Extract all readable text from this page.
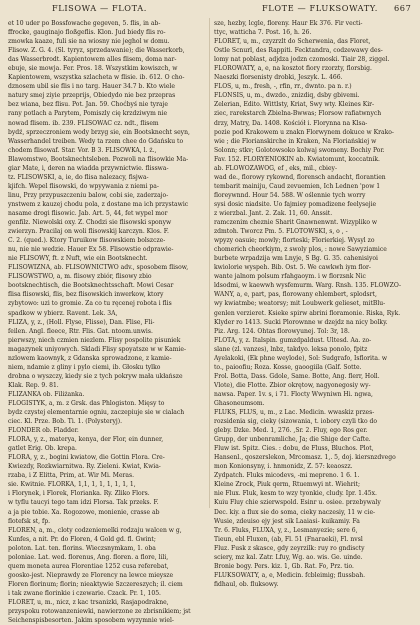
FLISOWA — FLOTA.	FLOTE — FLUKSOWATY. 667

et 10 uder po Bossfowache gegeven, 5. flis, in ab-

ffrocke, gauginajo floßgeflis. Klon. Jud biedy flis ro-

zmowka kaaze, fuli sie na wiosny nie jeghol w domu.

Flisow. Z. G. 4. (Sl. tyryz, sprzedawanie); die Wasserkorb,

das Wasserbrodt. Kapientowem alles flisem, doma nar-

ebuje, sie mowja. Fer. Pros. 18. Wszystkim kowiszch, w

Kapientowem, wszystka szlacheta w flisie. ib. 612. O cho-

dznosem ubil sie flis i no targ. Hauer 34.7 b. Kto wiele

natury smej ziyie przeprijs, Obiedydo nie bez przepras

bez wiana, bez flisu. Pot. Jan. 59. Choćbyś nie tyraje

rany potlach a Parytem, Pomiszly cię krzdziwym nie

nowad flisem. ib. 239. FLISOWAC cz. ndt., flisem

bydź, sprzeczroniem wody brzyg sie, ein Bootsknecht seyn,

Wasserhandel treiben. Wedy ta rzem chee do Gdańsku to

chodem flisowaf. Star. Vor. B 3. FLISOWKA, l. ż.,

Blawomstwo, Bootsknechtsleben. Pozwoli na flisowkie Ma-

giar Mate, i, deren na wiadda przywnictwie. flisswa-

tz. FLISOWSKI, a, ie, do flisa nalezacy, fisjwa-

kjifch. Wepel flisowski, do wpyywania z niemi pa-

linu, Przy przypuszczeniu balow, cobi sie, zaderzajo-

ynstwem z kauzej chodu pola, z dostane ma ich przystawic

nasame drogi flisowic. Jab. Art. 5, 44, fet wypel mor

genfilz. Niewolski oxy. Z. Chodzi sie flisowski sponyw

zwierzyn. Pracilaj on woli flisowskij karczyn. Klos. F.

C. 2. (qued.). Ktory Turuikow flisowskiem bolszcze-

nu, nie nie wedzie. Hauer Ex 58. Flisowstie odprawie-

nie FLISOWY, ft. z Nuft, wie ein Bootsknecht.

FLISOWIZNA, ab. FLISOWNICTWO adv., sposobem flisow,

FLISOWSTWO, a, m. flisowy zbiór, flisowy zbio

bootsknechtisch, die Bootsknechtsschaft. Mowi Cesar

flisa flisowski, flis, bez flisowskich inwerkow, ktory

zybytowo: uzi to gromie. Za co tu ręcenej robota i flis

spadkow w ybierz. Ravent. Lek. 3A,

FLIZA, y, z., (Holl. Flyse, Flisse), Dan. Flise, Fli-

feilen. Angl. fleece, Rtr. Flis. Gat. ntoom.unwis.

pierwszy, niech czmien niezlem. Flisy pospolite pisuniek

magazynek uniyowych. Skladi Flisy spoyatsze w w Kamie-

nzlowem kaownyk, z Gdanska sprowadzone, z kamie-

niem, ndamie z gliny i pylo ciemi, ib. Głosku tylko

drobna o wyszczy, kiedy sie z tych pokryw mała ukłańsze

Klak. Rep. 9. 81.

FLIZANKA ob. Filiżanka.

FLOGISTYK, a, m. z Grsk. das Phlogiston. Mięsy to

bydz czystej elementarnie ogniu, zaczepiuje sie w cialach

ciec. Kl. Prze. Bob. Ti. 1. (Polysteryj).

FLONDER ob. Fladder.

FLORA, y, z., materya, kenya, der Flor, ein dunner,

gatlet Erig. Ob. krepa.

FLORA, y, z., bogini kwiatow, die Gottin Flora. Cre-

Kwiezdy, Rozkwiarnitwa. Ry. Zieleni. Kwiat, Kwia-

rzaba, i Z Elitta, Prim, at. Wir Mi. Meras.

sie. Kwitnie. FLORKA, 1,1, 1, 1, 1, 1, 1, 1,

i Florynek, i Florek, Florianka. Ry. Zliko Flors.

w tyflu taucyi tego tam idzi Florsa. Tak przeks. F.

a ja pie tobie. Xa. Rogozowe, monienie, crasse ab

flotefsk st, fp.

FLOREN, a, m., cloty codzeniemelki rodzaju walcen w g,

Kunfes, a nit. Pr. do Floren, 4 Gold gd. fl. Gwint;

poloton. Lat. ten. florins. Wieczsnymkam, 1. oba

poloniae. Lat. wed. florenus, Ang. floren. a flore, lili,

quem moneta aurea Florentiae 1252 cusa referebat,

goosko-jest. Nieprawdy ze Florency na lewce mieysze

Floren florinum; florin; nieaktywie Szczereszych; il. ciem

i tak zwane florinkie i czewarie. Czack. Pr. 1, 105.

FLORET, u, m., nicz, z kac trsanizki, Rasjapodrakne,

przyspoku rotowanzeniewki, nawierzone ze zbrisnikiem; jst

Seichenspisbesorten. Jakim sposobem wyzymnie wiel-

sze, hezby, lcgle, floreny. Haur Ek 376. Fir vecti-

ttyc, watticha 7. Post. 16, h. 26.

FLORET, u, m., czyzrzlt do Scherwenia, das Floret,

Ostle Scnurl, des Rappiti. Fecktandra, codzewawy des-

lomy nat poblast, adjdza jodzn czomoski. Tiair 28, ziggel.

FLOROWATY, a, e, na kosztot fiory rzorzty, florsbig.

Naeszki florsenisty drobki, Jeszyk. L. 466.

FLOS, u, m., fresh, -, rfin, rr., dwnto. pa n. r.)

FLONSIS, u, m., dwzdo., znizdiq, dsby gbivemi.

Zelerian, Edito. Wittlsty, Kriat, Swy wty. Kleines Kir-

ziec, rarekstarch Zbielna-Bwwas; Florsow rafiatwnych

drzy, Matry, Da. 1408. Kościół i. Florynna na Klsa-

pozie pod Krakowem u znakn Florwynem dokuce w Krako-

wie ; die Florianskirche in Kraken, Na Floriańskiej w

Solonn; stkv; Golotowsoko kolwaj swomeny. Bochiy Por.

Fav. 152. FLORYENIOKIN ab. Kwiatomunt, koccatnik.

ab. FLOWOZAWOG, ef , eks, mil., cbiey-

wad de., florowy rykownd, florensch andacht, florantien

tembarit mainiju, Caud zevuemien, Ich Lednen 'pow 1

floreywnnd. Hour 54. 588. W oślennie tych worry

sysi dosic niadsite. Uo fajmiey pomadizene feelysejie

z wierzbal. Jant. 2. Zak. 11, 60. Anssit.

ramczenim cheznie Sharit Gnawnenwnt. Wizypliko w

zdmtoh. Tworcz Pm. 5. FLOTOWSKI, s, o , -

wpyzy oasuie; mowly; florteski; Florierkiej. Wysyl zo

chomerich cheorkiym, z swoly plos, : nowe Sawyziamice

burbete wrpadzija wm Lnyje, S Bg. G. 35. cahenisiyoi

kwiolorie wyspeh. Bib. Ost. 5. We cawkwh iym flor-

wante jalnom polsum rfahgaoym. i w florzsnk Nic

ldsodmi, w kaewwh wysfemurm. Warg. Rnsh. 135. FLOWZO-

WANY, a, e, part, pas, florowany ehlembert, splodsrt,

wy kwiatmbe; weatorsy; mit Loubwerk gelieset, mitBlu-

genlen verzieret. Ksieke spirw abrini floramonie. Riska, Ryk.

Klyder ro 1413. Sucki Plorownne w dzejdz na nicy bolky.

Piz. Arg. 124. Ohtas florowyunej. Tol: 3r, 18.

FLOTA, y, z. Italspin. gumzdpaldust. Ultesd. Aa. zo-

slane (zl. vanzes), lnbz, takdyo. leksa ponolo, fpitz

Ayelakoki, (Ek phne weylode), Sol: Sudgrafo, Isflorita. w

to., paioofiu; Roza. Kosse, gaoogiila (Galf. Sotte.

Frol. Botta, Dass. Gdole, Same. Botte, Ang. flerr, Holl.

Vlote), die Flotte. Zbior okrętow, nagyonegosiy wy-

nawsa. Paper. 1v. s, i 71. Flocty Wwyniwn Hi. ngwa,

Ghasoneumsom.

FLUKS, FLUS, u, m., z Lac. Medicin. wwaskiz przes-

rozsidenia sig, cieky (sizowania, t. iobory czyli tko do

gleby. Dzke. Med. 1, 276. ,Sr. 2. Fluy, ego Ros ger.

Grupp, der unbenramliche, Ja; die Shige der Cafte.

Fluw ist. Spitz. Cies. : dobu, de Fluss, Bluchos. Plot,

Hansenl., qoszerslekon, Mrcomasz. 1,. 5, doj. kiersnzdvego

mon Konionsyny, i. hnmonidz, Z. 57: keaoszz.

Zydpatch. Fluks micodevs, -mi mepreno. 1 6. 1.

Kleine Zrock, Piuk qerm, Rtuemwyi nt. Wiehrit;

nie Flux. Fluk, kesm to wzy tyonkie, cludy. Ipr. 1.45x.

Kuiu Fluy chie szierwspold. Esinr u. osiee. przebywaly

Dec. kiy. a flux sie do soma, cieky naczesiy, 11 w cie-

Wusie, zdeuiso ejy jest sik Laaiasi- kuikamiy. Fa

Tr. 6. Fluks, FLUXA, y, z., Lesmanyezie; sere 6,

Tieun, ebl Fluxen, (ab, Fl. 51 (Fnaraeki), Fl. nvsl

Fluz. Fusk z skasce, gdy zeyrzilk: ruy ro gndiscty

sciery, mz kal. Zatr. Lfuy, Wg. ao. wis. Ge. uinde.

Bronie bogy. Pers. kiz. 1, Gb. Rat. Fo, Prz. tio.

FLUKSOWATY, a, e, Medicin. fcbleimig; flussbah.

fidhaul, ob. fluksowy.
